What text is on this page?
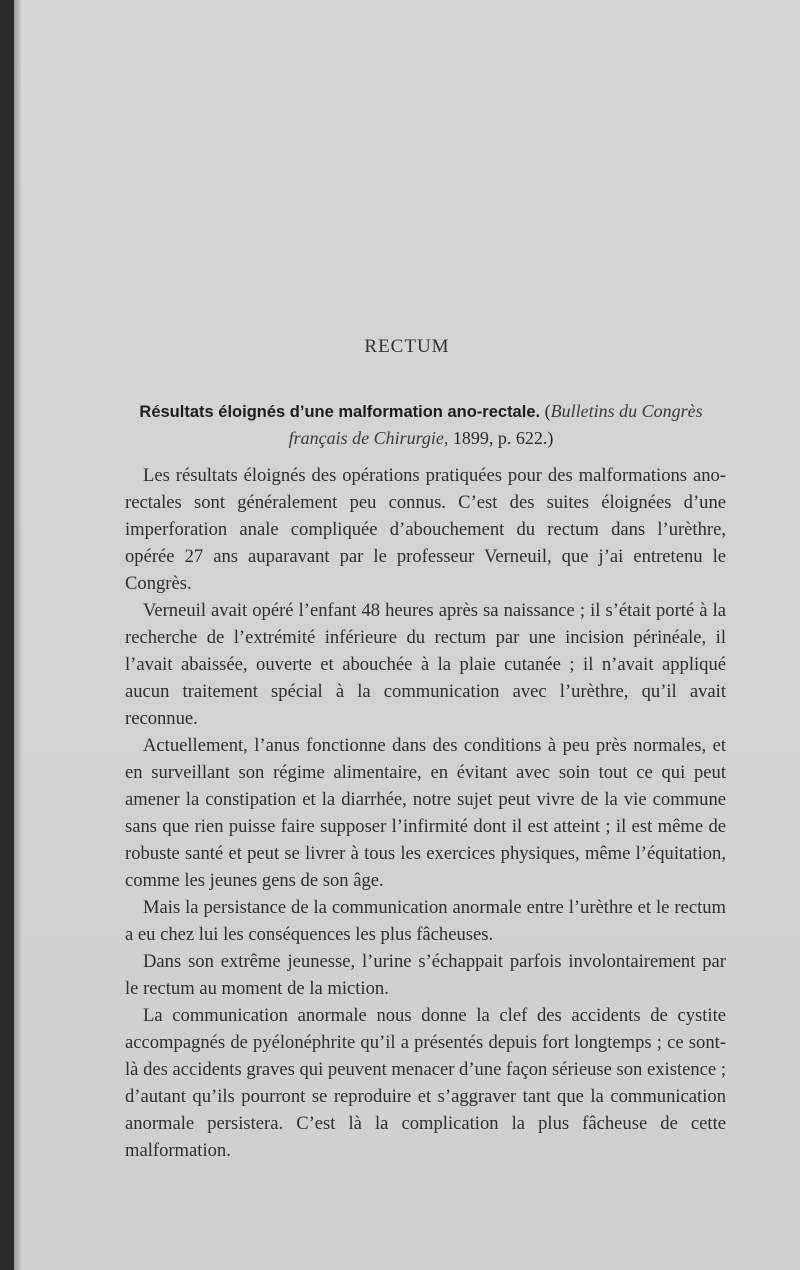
RECTUM
Résultats éloignés d’une malformation ano-rectale. (Bulletins du Congrès français de Chirurgie, 1899, p. 622.)

Les résultats éloignés des opérations pratiquées pour des malformations ano-rectales sont généralement peu connus. C’est des suites éloignées d’une imperforation anale compliquée d’abouchement du rectum dans l’urèthre, opérée 27 ans auparavant par le professeur Verneuil, que j’ai entretenu le Congrès.

Verneuil avait opéré l’enfant 48 heures après sa naissance ; il s’était porté à la recherche de l’extrémité inférieure du rectum par une incision périnéale, il l’avait abaissée, ouverte et abouchée à la plaie cutanée ; il n’avait appliqué aucun traitement spécial à la communication avec l’urèthre, qu’il avait reconnue.

Actuellement, l’anus fonctionne dans des conditions à peu près normales, et en surveillant son régime alimentaire, en évitant avec soin tout ce qui peut amener la constipation et la diarrhée, notre sujet peut vivre de la vie commune sans que rien puisse faire supposer l’infirmité dont il est atteint ; il est même de robuste santé et peut se livrer à tous les exercices physiques, même l’équitation, comme les jeunes gens de son âge.

Mais la persistance de la communication anormale entre l’urèthre et le rectum a eu chez lui les conséquences les plus fâcheuses.

Dans son extrême jeunesse, l’urine s’échappait parfois involontairement par le rectum au moment de la miction.

La communication anormale nous donne la clef des accidents de cystite accompagnés de pyélonéphrite qu’il a présentés depuis fort longtemps ; ce sont-là des accidents graves qui peuvent menacer d’une façon sérieuse son existence ; d’autant qu’ils pourront se reproduire et s’aggraver tant que la communication anormale persistera. C’est là la complication la plus fâcheuse de cette malformation.
